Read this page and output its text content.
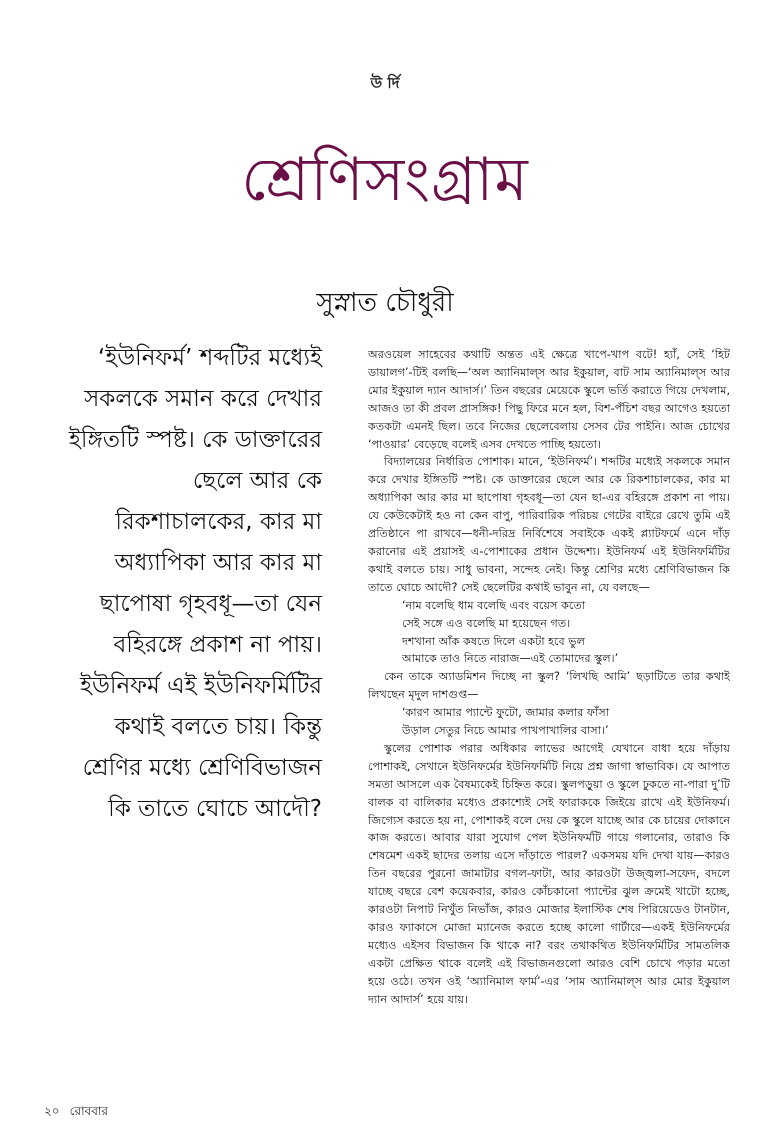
উ র্দি
শ্রেণিসংগ্রাম
সুস্নাত চৌধুরী
‘ইউনিফর্ম’ শব্দটির মধ্যেই সকলকে সমান করে দেখার ইঙ্গিতটি স্পষ্ট। কে ডাক্তারের ছেলে আর কে রিকশাচালকের, কার মা অধ্যাপিকা আর কার মা ছাপোষা গৃহবধূ—তা যেন বহিরঙ্গে প্রকাশ না পায়। ইউনিফর্ম এই ইউনিফর্মিটির কথাই বলতে চায়। কিন্তু শ্রেণির মধ্যে শ্রেণিবিভাজন কি তাতে ঘোচে আদৌ?

অরওয়েল সাহেবের কথাটি অন্তত এই ক্ষেত্রে খাপে-খাপ বটে! হ্যাঁ, সেই ‘হিট ডায়ালগ’-টিই বলছি—‘অল অ্যানিমাল্‌স আর ইকুয়াল, বাট সাম অ্যানিমাল্‌স আর মোর ইকুয়াল দ্যান আদার্স।’ তিন বছরের মেয়েকে স্কুলে ভর্তি করাতে গিয়ে দেখলাম, আজও তা কী প্রবল প্রাসঙ্গিক! পিছু ফিরে মনে হল, বিশ-পঁচিশ বছর আগেও হয়তো কতকটা এমনই ছিল। তবে নিজের ছেলেবেলায় সেসব টের পাইনি। আজ চোখের ‘পাওয়ার’ বেড়েছে বলেই এসব দেখতে পাচ্ছি হয়তো।

বিদ্যালয়ের নির্ধারিত পোশাক। মানে, ‘ইউনিফর্ম’। শব্দটির মধ্যেই সকলকে সমান করে দেখার ইঙ্গিতটি স্পষ্ট। কে ডাক্তারের ছেলে আর কে রিকশাচালকের, কার মা অধ্যাপিকা আর কার মা ছাপোষা গৃহবধূ—তা যেন ছা-এর বহিরঙ্গে প্রকাশ না পায়। যে কেউকেটাই হও না কেন বাপু, পারিবারিক পরিচয় গেটের বাইরে রেখে তুমি এই প্রতিষ্ঠানে পা রাখবে—ধনী-দরিদ্র নির্বিশেষে সবাইকে একই প্ল্যাটফর্মে এনে দাঁড় করানোর এই প্রয়াসই এ-পোশাকের প্রধান উদ্দেশ্য। ইউনিফর্ম এই ইউনিফর্মিটির কথাই বলতে চায়। সাধু ভাবনা, সন্দেহ নেই। কিন্তু শ্রেণির মধ্যে শ্রেণিবিভাজন কি তাতে ঘোচে আদৌ? সেই ছেলেটির কথাই ভাবুন না, যে বলছে—

‘নাম বলেছি ধাম বলেছি এবং বয়েস কতো

সেই সঙ্গে এও বলেছি মা হয়েছেন গত।

দশখানা আঁক কষতে দিলে একটা হবে ভুল

আমাকে তাও নিতে নারাজ—এই তোমাদের স্কুল।’

কেন তাকে অ্যাডমিশন দিচ্ছে না স্কুল? ‘লিখছি আমি’ ছড়াটিতে তার কথাই লিখছেন মৃদুল দাশগুপ্ত—

‘কারণ আমার প্যান্টে ফুটো, জামার কলার ফাঁসা

উড়াল সেতুর নিচে আমার পাখপাখালির বাসা।’

স্কুলের পোশাক পরার অধিকার লাভের আগেই যেখানে বাধা হয়ে দাঁড়ায় পোশাকই, সেখানে ইউনিফর্মের ইউনিফর্মিটি নিয়ে প্রশ্ন জাগা স্বাভাবিক। যে আপাত সমতা আসলে এক বৈষম্যকেই চিহ্নিত করে। স্কুলপড়ুয়া ও স্কুলে ঢুকতে না-পারা দু’টি বালক বা বালিকার মধ্যেও প্রকাশ্যেই সেই ফারাককে জিইয়ে রাখে এই ইউনিফর্ম। জিগ্যেস করতে হয় না, পোশাকই বলে দেয় কে স্কুলে যাচ্ছে আর কে চায়ের দোকানে কাজ করতে। আবার যারা সুযোগ পেল ইউনিফর্মটি গায়ে গলানোর, তারাও কি শেষমেশ একই ছাদের তলায় এসে দাঁড়াতে পারল? একসময় যদি দেখা যায়—কারও তিন বছরের পুরনো জামাটার বগল-ফাটা, আর কারওটা উজ্জ্বলা-সফেদ, বদলে যাচ্ছে বছরে বেশ কয়েকবার, কারও কোঁচকানো প্যান্টের ঝুল ক্রমেই খাটো হচ্ছে, কারওটা নিপাট নিখুঁত নিভাঁজ, কারও মোজার ইলাস্টিক শেষ পিরিয়েডেও টানটান, কারও ফ্যাকাসে মোজা ম্যানেজ করতে হচ্ছে কালো গার্টারে—একই ইউনিফর্মের মধ্যেও এইসব বিভাজন কি থাকে না? বরং তথাকথিত ইউনিফর্মিটির সামতলিক একটা প্রেক্ষিত থাকে বলেই এই বিভাজনগুলো আরও বেশি চোখে পড়ার মতো হয়ে ওঠে। তখন ওই ‘অ্যানিমাল ফার্ম’-এর ‘সাম অ্যানিমাল্‌স আর মোর ইকুয়াল দ্যান আদার্স’ হয়ে যায়।

২০ রোববার
